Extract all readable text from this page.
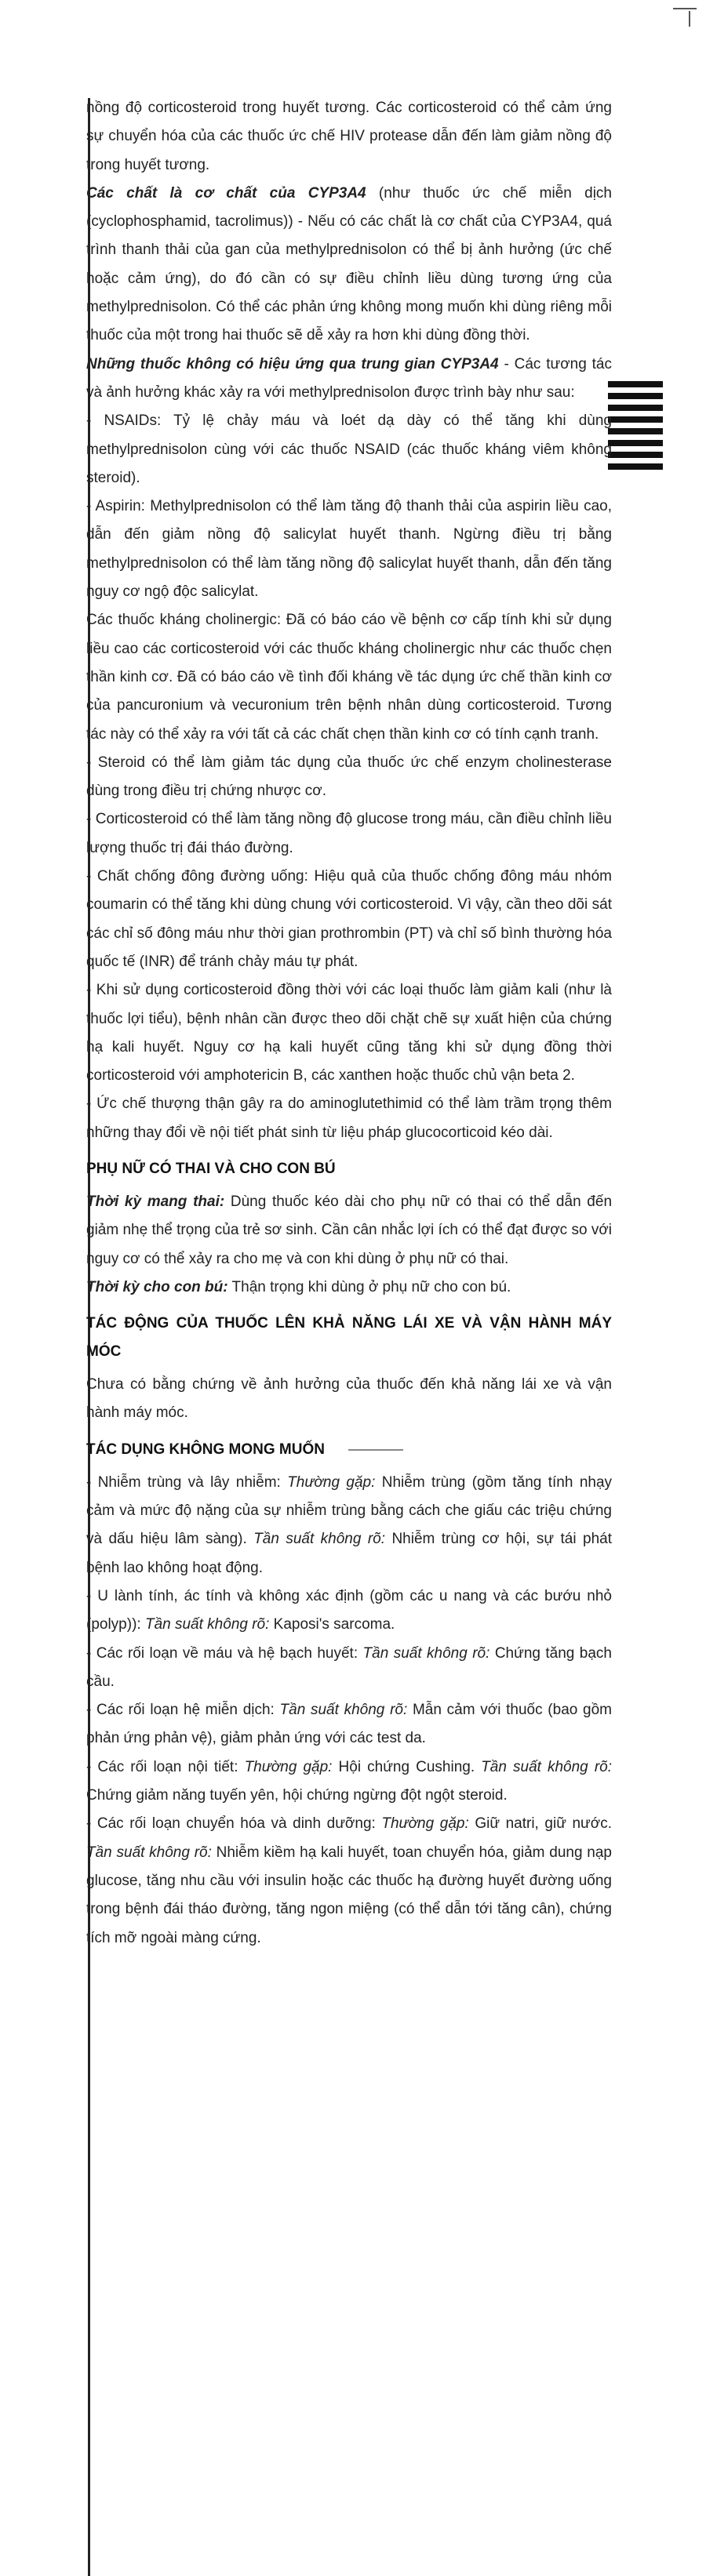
nồng độ corticosteroid trong huyết tương. Các corticosteroid có thể cảm ứng sự chuyển hóa của các thuốc ức chế HIV protease dẫn đến làm giảm nồng độ trong huyết tương.

Các chất là cơ chất của CYP3A4 (như thuốc ức chế miễn dịch (cyclophosphamid, tacrolimus)) - Nếu có các chất là cơ chất của CYP3A4, quá trình thanh thải của gan của methylprednisolon có thể bị ảnh hưởng (ức chế hoặc cảm ứng), do đó cần có sự điều chỉnh liều dùng tương ứng của methylprednisolon. Có thể các phản ứng không mong muốn khi dùng riêng mỗi thuốc của một trong hai thuốc sẽ dễ xảy ra hơn khi dùng đồng thời.

Những thuốc không có hiệu ứng qua trung gian CYP3A4 - Các tương tác và ảnh hưởng khác xảy ra với methylprednisolon được trình bày như sau:

- NSAIDs: Tỷ lệ chảy máu và loét dạ dày có thể tăng khi dùng methylprednisolon cùng với các thuốc NSAID (các thuốc kháng viêm không steroid).

- Aspirin: Methylprednisolon có thể làm tăng độ thanh thải của aspirin liều cao, dẫn đến giảm nồng độ salicylat huyết thanh. Ngừng điều trị bằng methylprednisolon có thể làm tăng nồng độ salicylat huyết thanh, dẫn đến tăng nguy cơ ngộ độc salicylat.

Các thuốc kháng cholinergic: Đã có báo cáo về bệnh cơ cấp tính khi sử dụng liều cao các corticosteroid với các thuốc kháng cholinergic như các thuốc chẹn thần kinh cơ. Đã có báo cáo về tình đối kháng về tác dụng ức chế thần kinh cơ của pancuronium và vecuronium trên bệnh nhân dùng corticosteroid. Tương tác này có thể xảy ra với tất cả các chất chẹn thần kinh cơ có tính cạnh tranh.

- Steroid có thể làm giảm tác dụng của thuốc ức chế enzym cholinesterase dùng trong điều trị chứng nhược cơ.

- Corticosteroid có thể làm tăng nồng độ glucose trong máu, cần điều chỉnh liều lượng thuốc trị đái tháo đường.

- Chất chống đông đường uống: Hiệu quả của thuốc chống đông máu nhóm coumarin có thể tăng khi dùng chung với corticosteroid. Vì vậy, cần theo dõi sát các chỉ số đông máu như thời gian prothrombin (PT) và chỉ số bình thường hóa quốc tế (INR) để tránh chảy máu tự phát.

- Khi sử dụng corticosteroid đồng thời với các loại thuốc làm giảm kali (như là thuốc lợi tiểu), bệnh nhân cần được theo dõi chặt chẽ sự xuất hiện của chứng hạ kali huyết. Nguy cơ hạ kali huyết cũng tăng khi sử dụng đồng thời corticosteroid với amphotericin B, các xanthen hoặc thuốc chủ vận beta 2.

- Ức chế thượng thận gây ra do aminoglutethimid có thể làm trầm trọng thêm những thay đổi về nội tiết phát sinh từ liệu pháp glucocorticoid kéo dài.

PHỤ NỮ CÓ THAI VÀ CHO CON BÚ

Thời kỳ mang thai: Dùng thuốc kéo dài cho phụ nữ có thai có thể dẫn đến giảm nhẹ thể trọng của trẻ sơ sinh. Cần cân nhắc lợi ích có thể đạt được so với nguy cơ có thể xảy ra cho mẹ và con khi dùng ở phụ nữ có thai.

Thời kỳ cho con bú: Thận trọng khi dùng ở phụ nữ cho con bú.

TÁC ĐỘNG CỦA THUỐC LÊN KHẢ NĂNG LÁI XE VÀ VẬN HÀNH MÁY MÓC

Chưa có bằng chứng về ảnh hưởng của thuốc đến khả năng lái xe và vận hành máy móc.

TÁC DỤNG KHÔNG MONG MUỐN

- Nhiễm trùng và lây nhiễm: Thường gặp: Nhiễm trùng (gồm tăng tính nhạy cảm và mức độ nặng của sự nhiễm trùng bằng cách che giấu các triệu chứng và dấu hiệu lâm sàng). Tần suất không rõ: Nhiễm trùng cơ hội, sự tái phát bệnh lao không hoạt động.

- U lành tính, ác tính và không xác định (gồm các u nang và các bướu nhỏ (polyp)): Tần suất không rõ: Kaposi's sarcoma.

- Các rối loạn về máu và hệ bạch huyết: Tần suất không rõ: Chứng tăng bạch cầu.

- Các rối loạn hệ miễn dịch: Tần suất không rõ: Mẫn cảm với thuốc (bao gồm phản ứng phản vệ), giảm phản ứng với các test da.

- Các rối loạn nội tiết: Thường gặp: Hội chứng Cushing. Tần suất không rõ: Chứng giảm năng tuyến yên, hội chứng ngừng đột ngột steroid.

- Các rối loạn chuyển hóa và dinh dưỡng: Thường gặp: Giữ natri, giữ nước. Tần suất không rõ: Nhiễm kiềm hạ kali huyết, toan chuyển hóa, giảm dung nạp glucose, tăng nhu cầu với insulin hoặc các thuốc hạ đường huyết đường uống trong bệnh đái tháo đường, tăng ngon miệng (có thể dẫn tới tăng cân), chứng tích mỡ ngoài màng cứng.
